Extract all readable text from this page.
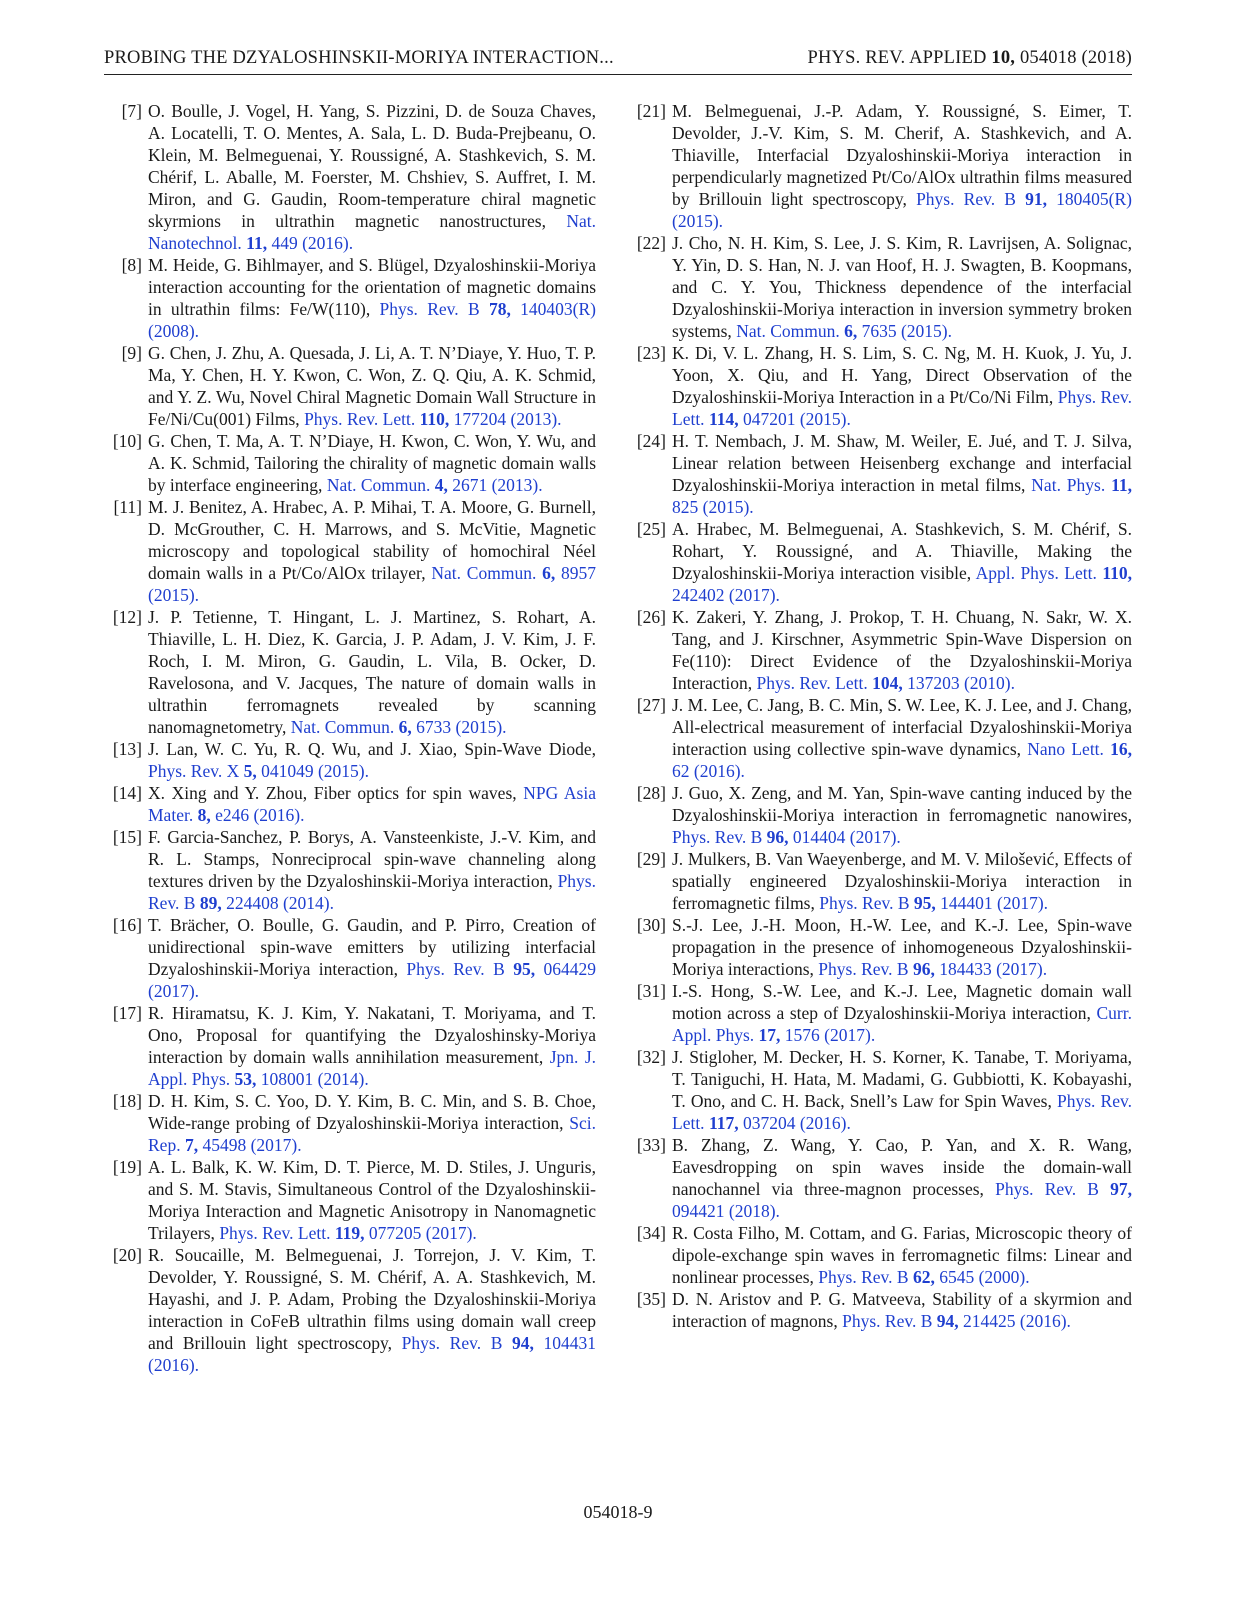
PROBING THE DZYALOSHINSKII-MORIYA INTERACTION...	PHYS. REV. APPLIED 10, 054018 (2018)
[7] O. Boulle, J. Vogel, H. Yang, S. Pizzini, D. de Souza Chaves, A. Locatelli, T. O. Mentes, A. Sala, L. D. Buda-Prejbeanu, O. Klein, M. Belmeguenai, Y. Roussigné, A. Stashkevich, S. M. Chérif, L. Aballe, M. Foerster, M. Chshiev, S. Auffret, I. M. Miron, and G. Gaudin, Room-temperature chiral magnetic skyrmions in ultrathin magnetic nanostructures, Nat. Nanotechnol. 11, 449 (2016).
[8] M. Heide, G. Bihlmayer, and S. Blügel, Dzyaloshinskii-Moriya interaction accounting for the orientation of magnetic domains in ultrathin films: Fe/W(110), Phys. Rev. B 78, 140403(R) (2008).
[9] G. Chen, J. Zhu, A. Quesada, J. Li, A. T. N’Diaye, Y. Huo, T. P. Ma, Y. Chen, H. Y. Kwon, C. Won, Z. Q. Qiu, A. K. Schmid, and Y. Z. Wu, Novel Chiral Magnetic Domain Wall Structure in Fe/Ni/Cu(001) Films, Phys. Rev. Lett. 110, 177204 (2013).
[10] G. Chen, T. Ma, A. T. N’Diaye, H. Kwon, C. Won, Y. Wu, and A. K. Schmid, Tailoring the chirality of magnetic domain walls by interface engineering, Nat. Commun. 4, 2671 (2013).
[11] M. J. Benitez, A. Hrabec, A. P. Mihai, T. A. Moore, G. Burnell, D. McGrouther, C. H. Marrows, and S. McVitie, Magnetic microscopy and topological stability of homochiral Néel domain walls in a Pt/Co/AlOx trilayer, Nat. Commun. 6, 8957 (2015).
[12] J. P. Tetienne, T. Hingant, L. J. Martinez, S. Rohart, A. Thiaville, L. H. Diez, K. Garcia, J. P. Adam, J. V. Kim, J. F. Roch, I. M. Miron, G. Gaudin, L. Vila, B. Ocker, D. Ravelosona, and V. Jacques, The nature of domain walls in ultrathin ferromagnets revealed by scanning nanomagnetometry, Nat. Commun. 6, 6733 (2015).
[13] J. Lan, W. C. Yu, R. Q. Wu, and J. Xiao, Spin-Wave Diode, Phys. Rev. X 5, 041049 (2015).
[14] X. Xing and Y. Zhou, Fiber optics for spin waves, NPG Asia Mater. 8, e246 (2016).
[15] F. Garcia-Sanchez, P. Borys, A. Vansteenkiste, J.-V. Kim, and R. L. Stamps, Nonreciprocal spin-wave channeling along textures driven by the Dzyaloshinskii-Moriya interaction, Phys. Rev. B 89, 224408 (2014).
[16] T. Brächer, O. Boulle, G. Gaudin, and P. Pirro, Creation of unidirectional spin-wave emitters by utilizing interfacial Dzyaloshinskii-Moriya interaction, Phys. Rev. B 95, 064429 (2017).
[17] R. Hiramatsu, K. J. Kim, Y. Nakatani, T. Moriyama, and T. Ono, Proposal for quantifying the Dzyaloshinsky-Moriya interaction by domain walls annihilation measurement, Jpn. J. Appl. Phys. 53, 108001 (2014).
[18] D. H. Kim, S. C. Yoo, D. Y. Kim, B. C. Min, and S. B. Choe, Wide-range probing of Dzyaloshinskii-Moriya interaction, Sci. Rep. 7, 45498 (2017).
[19] A. L. Balk, K. W. Kim, D. T. Pierce, M. D. Stiles, J. Unguris, and S. M. Stavis, Simultaneous Control of the Dzyaloshinskii-Moriya Interaction and Magnetic Anisotropy in Nanomagnetic Trilayers, Phys. Rev. Lett. 119, 077205 (2017).
[20] R. Soucaille, M. Belmeguenai, J. Torrejon, J. V. Kim, T. Devolder, Y. Roussigné, S. M. Chérif, A. A. Stashkevich, M. Hayashi, and J. P. Adam, Probing the Dzyaloshinskii-Moriya interaction in CoFeB ultrathin films using domain wall creep and Brillouin light spectroscopy, Phys. Rev. B 94, 104431 (2016).
[21] M. Belmeguenai, J.-P. Adam, Y. Roussigné, S. Eimer, T. Devolder, J.-V. Kim, S. M. Cherif, A. Stashkevich, and A. Thiaville, Interfacial Dzyaloshinskii-Moriya interaction in perpendicularly magnetized Pt/Co/AlOx ultrathin films measured by Brillouin light spectroscopy, Phys. Rev. B 91, 180405(R) (2015).
[22] J. Cho, N. H. Kim, S. Lee, J. S. Kim, R. Lavrijsen, A. Solignac, Y. Yin, D. S. Han, N. J. van Hoof, H. J. Swagten, B. Koopmans, and C. Y. You, Thickness dependence of the interfacial Dzyaloshinskii-Moriya interaction in inversion symmetry broken systems, Nat. Commun. 6, 7635 (2015).
[23] K. Di, V. L. Zhang, H. S. Lim, S. C. Ng, M. H. Kuok, J. Yu, J. Yoon, X. Qiu, and H. Yang, Direct Observation of the Dzyaloshinskii-Moriya Interaction in a Pt/Co/Ni Film, Phys. Rev. Lett. 114, 047201 (2015).
[24] H. T. Nembach, J. M. Shaw, M. Weiler, E. Jué, and T. J. Silva, Linear relation between Heisenberg exchange and interfacial Dzyaloshinskii-Moriya interaction in metal films, Nat. Phys. 11, 825 (2015).
[25] A. Hrabec, M. Belmeguenai, A. Stashkevich, S. M. Chérif, S. Rohart, Y. Roussigné, and A. Thiaville, Making the Dzyaloshinskii-Moriya interaction visible, Appl. Phys. Lett. 110, 242402 (2017).
[26] K. Zakeri, Y. Zhang, J. Prokop, T. H. Chuang, N. Sakr, W. X. Tang, and J. Kirschner, Asymmetric Spin-Wave Dispersion on Fe(110): Direct Evidence of the Dzyaloshinskii-Moriya Interaction, Phys. Rev. Lett. 104, 137203 (2010).
[27] J. M. Lee, C. Jang, B. C. Min, S. W. Lee, K. J. Lee, and J. Chang, All-electrical measurement of interfacial Dzyaloshinskii-Moriya interaction using collective spin-wave dynamics, Nano Lett. 16, 62 (2016).
[28] J. Guo, X. Zeng, and M. Yan, Spin-wave canting induced by the Dzyaloshinskii-Moriya interaction in ferromagnetic nanowires, Phys. Rev. B 96, 014404 (2017).
[29] J. Mulkers, B. Van Waeyenberge, and M. V. Milošević, Effects of spatially engineered Dzyaloshinskii-Moriya interaction in ferromagnetic films, Phys. Rev. B 95, 144401 (2017).
[30] S.-J. Lee, J.-H. Moon, H.-W. Lee, and K.-J. Lee, Spin-wave propagation in the presence of inhomogeneous Dzyaloshinskii-Moriya interactions, Phys. Rev. B 96, 184433 (2017).
[31] I.-S. Hong, S.-W. Lee, and K.-J. Lee, Magnetic domain wall motion across a step of Dzyaloshinskii-Moriya interaction, Curr. Appl. Phys. 17, 1576 (2017).
[32] J. Stigloher, M. Decker, H. S. Korner, K. Tanabe, T. Moriyama, T. Taniguchi, H. Hata, M. Madami, G. Gubbiotti, K. Kobayashi, T. Ono, and C. H. Back, Snell’s Law for Spin Waves, Phys. Rev. Lett. 117, 037204 (2016).
[33] B. Zhang, Z. Wang, Y. Cao, P. Yan, and X. R. Wang, Eavesdropping on spin waves inside the domain-wall nanochannel via three-magnon processes, Phys. Rev. B 97, 094421 (2018).
[34] R. Costa Filho, M. Cottam, and G. Farias, Microscopic theory of dipole-exchange spin waves in ferromagnetic films: Linear and nonlinear processes, Phys. Rev. B 62, 6545 (2000).
[35] D. N. Aristov and P. G. Matveeva, Stability of a skyrmion and interaction of magnons, Phys. Rev. B 94, 214425 (2016).
054018-9
